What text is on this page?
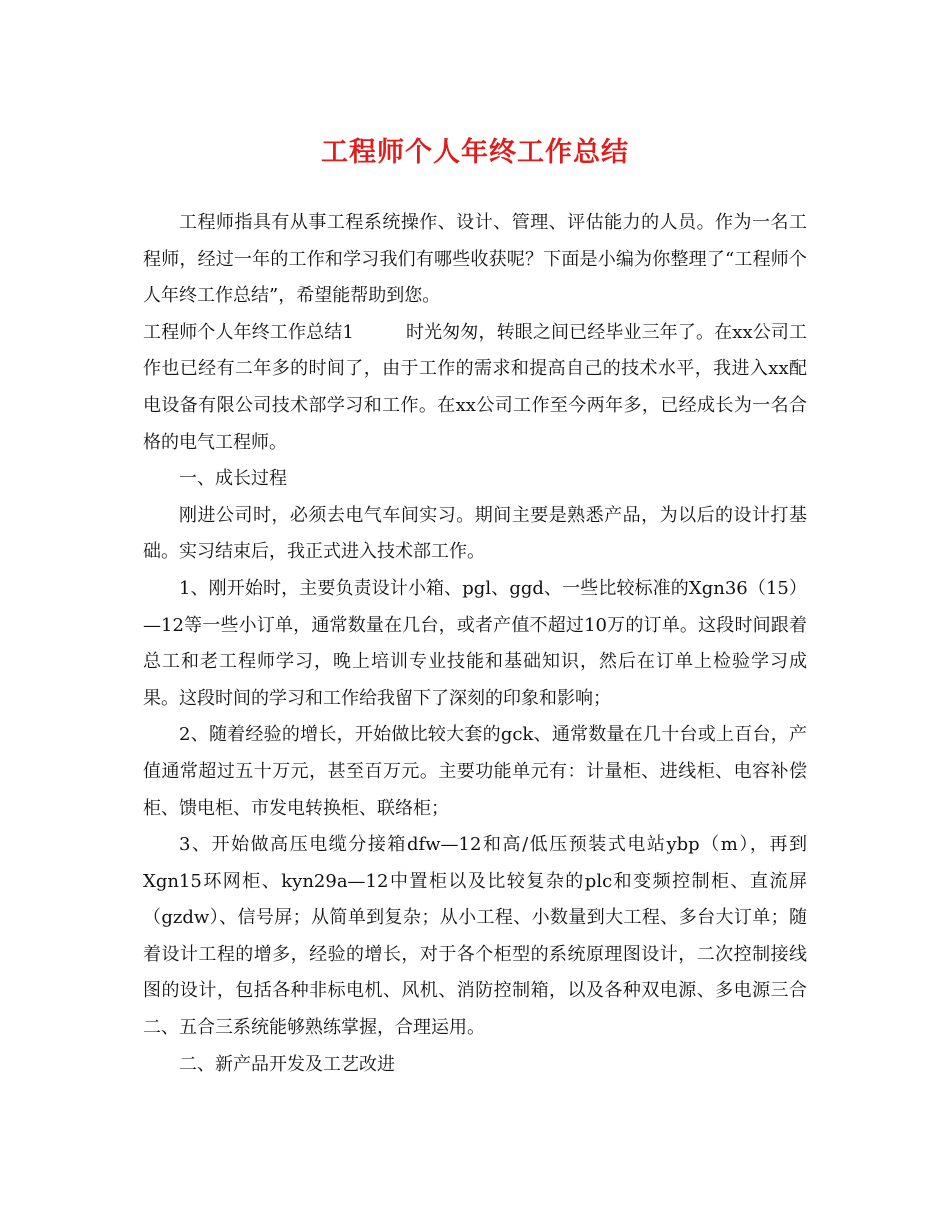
工程师个人年终工作总结

工程师指具有从事工程系统操作、设计、管理、评估能力的人员。作为一名工程师，经过一年的工作和学习我们有哪些收获呢？下面是小编为你整理了“工程师个人年终工作总结”，希望能帮助到您。

工程师个人年终工作总结1	时光匆匆，转眼之间已经毕业三年了。在xx公司工作也已经有二年多的时间了，由于工作的需求和提高自己的技术水平，我进入xx配电设备有限公司技术部学习和工作。在xx公司工作至今两年多，已经成长为一名合格的电气工程师。

一、成长过程

刚进公司时，必须去电气车间实习。期间主要是熟悉产品，为以后的设计打基础。实习结束后，我正式进入技术部工作。

1、刚开始时，主要负责设计小箱、pgl、ggd、一些比较标准的Xgn36（15）—12等一些小订单，通常数量在几台，或者产值不超过10万的订单。这段时间跟着总工和老工程师学习，晚上培训专业技能和基础知识，然后在订单上检验学习成果。这段时间的学习和工作给我留下了深刻的印象和影响；

2、随着经验的增长，开始做比较大套的gck、通常数量在几十台或上百台，产值通常超过五十万元，甚至百万元。主要功能单元有：计量柜、进线柜、电容补偿柜、馈电柜、市发电转换柜、联络柜；

3、开始做高压电缆分接箱dfw—12和高/低压预装式电站ybp（m），再到Xgn15环网柜、kyn29a—12中置柜以及比较复杂的plc和变频控制柜、直流屏（gzdw）、信号屏；从简单到复杂；从小工程、小数量到大工程、多台大订单；随着设计工程的增多，经验的增长，对于各个柜型的系统原理图设计，二次控制接线图的设计，包括各种非标电机、风机、消防控制箱，以及各种双电源、多电源三合二、五合三系统能够熟练掌握，合理运用。

二、新产品开发及工艺改进
